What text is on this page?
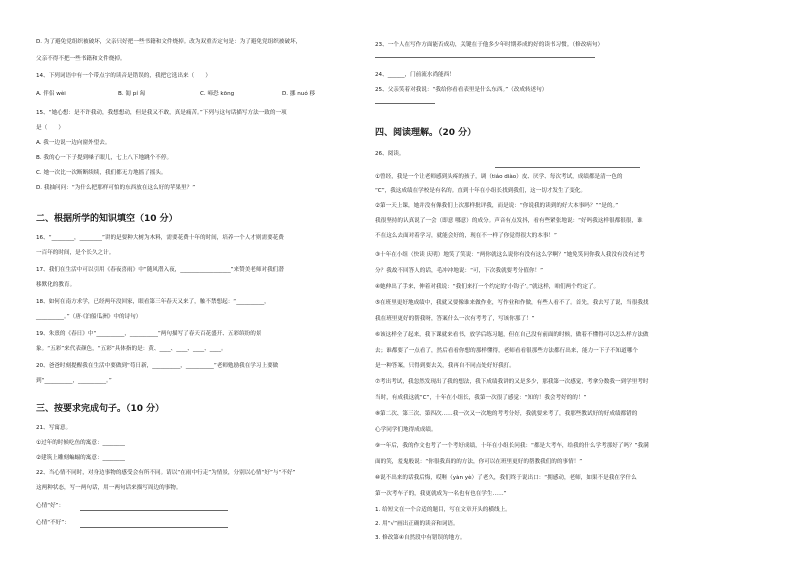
D. 为了避免党组织被破坏，父亲只好把一些书籍和文件烧掉。改为双重否定句是：为了避免党组织被破坏，
父亲不得不把一些书籍和文件烧掉。
14、下列词语中有一个带点字的读音是错误的，我把它选出来（　　）
A. 伴侣 wèi	B. 匍 pí 匐	C. 啼恐 kōng	D. 挪 nuó 移
15、“她心想：是不许我动，我想想动，但是我又不敢，真是痛苦。”下列与这句话描写方法一致的一项
是（　　）
A. 我一边说一边向窗外望去。
B. 我的心一下子提到嗓子眼儿，七上八下地跳个不停。
C. 她一次比一次断断续续，我们都无力地摇了摇头。
D. 我抽问问：“为什么把那样可怕的东西放在这么好的苹果里？”
二、根据所学的知识填空（10 分）
16、“________，________”讲的是要种大树为木料，需要花费十年的时间，培养一个人才则需要花费
一百年的时间，是个长久之计。
17、我们在生活中可以引用《春夜喜雨》中“随风潜入夜，__________________”来赞美老师对我们潜
移默化的教育。
18、如何在南方求学，已经两年没回家，眼看第三年春天又来了，触不禁想起：“__________，
__________。”（唐·《泊船瓜洲》中的诗句）
19、朱熹的《春日》中“__________，__________”两句描写了春天百花盛开、五彩缤纷的景
象。“五彩”来代表颜色，“五彩”具体指的是：黄、____、____、____、____。
20、爸爸时刻提醒我在生活中要做到“苟日新，__________，__________”老师勉励我在学习上要做
到“__________，__________。”
三、按要求完成句子。（10 分）
21、写寓意。
①过年的时候吃鱼的寓意：________
②建筑上雕刻蝙蝠的寓意：________
22、当心情不同时，对身边事物的感受会有所不同。请以“在雨中行走”为情景，分别以心情“好”与“不好”
这两种状态，写一两句话，用一两句话来描写周边的事物。
心情“好”：
心情“不好”：
23、一个人在写作方面能否成功，关键在于他多少年时期养成的好的读书习惯。（修改病句）
24、______，门前流水尚能西！
25、父亲笑着对我说：“我给你看看表里是什么东西。”（改成转述句）
四、阅读理解。（20 分）
26、阅读。
①曾经，我是一个让老师感到头疼的孩子，调（tiáo diào）皮、厌学、每次考试，成绩都是清一色的
“C”，我这成绩在学校是有名的。直到十年在小组长找到我们，这一切才发生了变化。
②第一天上课，她并没有像我们上次那样批评我，而是说：“你说我的读到的好大本事吗？”“是的。”
我很坚持的认真说了一会（即意 哪意）的成分。声音有点发抖，看有些紧张地说：“好吗我这样很都很很，谁
不在这么去面对着学习，就能会好的，现在不一样了你觉得很大的本事！”
③十年在小组（快读 庆明）地笑了笑说：“两你就这么说你有没有这么学啊？”她免笑问你我人我没有没有过考
分？我故不回答人的话，毛冲冲地说：“可，下次我就要考分值你！”
④她伸出了手来，伸着对我说：“我们来打一个约定的‘小钩子’。”就这样，咱们两个约定了。
⑤在班里更好地成绩中，我就又要像谁来做作业，写作业和作做，有些人看不了。首先，我去写了说，当很我找
我在班里更好的帮我呀，答案什么一次有考考了，写该你那了！”
⑥该这样全了起来，我下课就来看书，放学后练习题，但在自己没有前面的时候，做着不懂得可以怎么样方法做
去；谁都要了一点看了，然后看看你想的那样懂得，老师看看很那些方法都行出来，能力一下子不知道哪个
是一种答案，只得到要去关，我再自不同点处好好我打。
⑦考出考试，我忽然发现出了我的想法，我下成绩我讲的又是多少，那我第一次感觉，考拿分数我一到学里考时
当时，有成我这就“C”，十年在小组长，我第一次很了感觉：“知的！我会考好的的！”
⑧第二次、第三次、第四次……我一次又一次地的考考分好，我就要来考了，我那些教试好的好成绩都错的
心学同学们地得成成绩。
⑨一年后，我的作文也考了一个考好成绩，十年在小组长问我：“都是大考车，给我的什么学考那好了吗？”我满
面的笑，羞鬼般说：“你很我真的的方法，你可以在班里更好的帮教我们的的事情！”
⑩说不出来的话我后悔，哎咂（yàn yè）了老久，我们终于说出口：“拥感动，老师，如果不是我在学什么
第一次考车子的，我更就成为一名也有也在学生……”
1. 给短文在一个合适的题目，写在文章开头的横线上。
2. 用“√”画出正确的读音和词语。
3. 修改第④自然段中有错误的地方。
